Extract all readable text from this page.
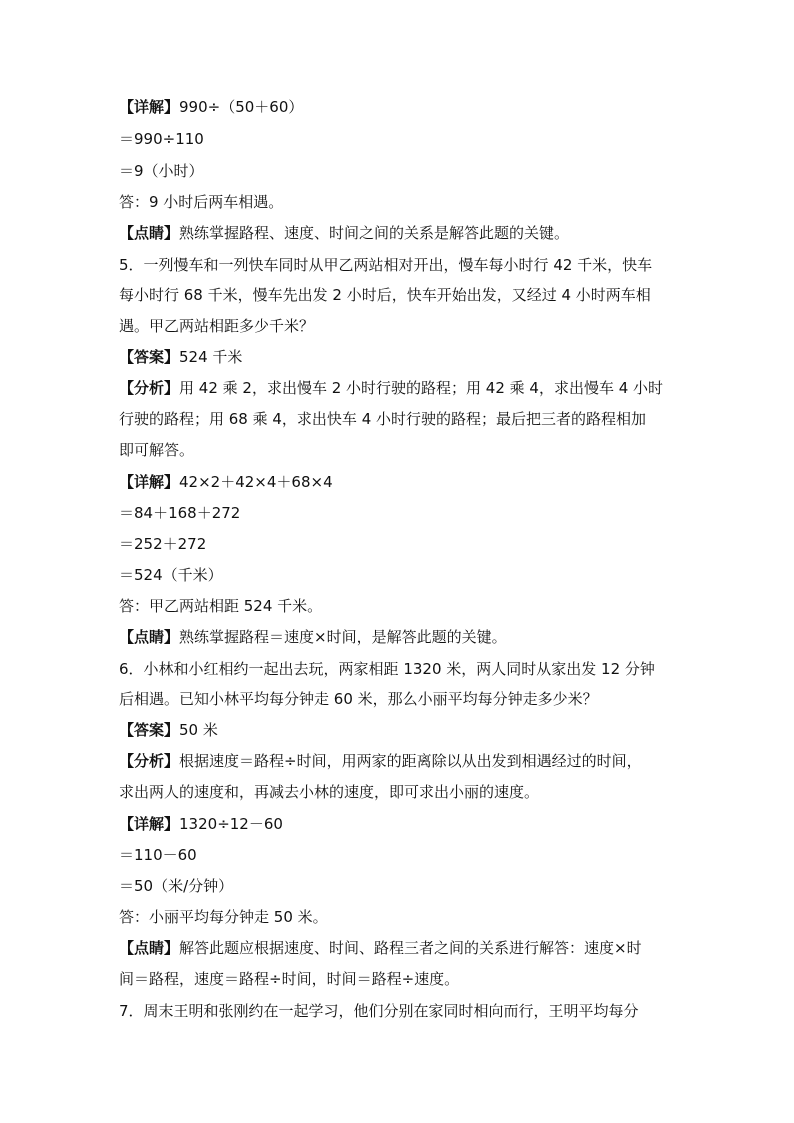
【详解】990÷（50＋60）
＝990÷110
＝9（小时）
答：9 小时后两车相遇。
【点睛】熟练掌握路程、速度、时间之间的关系是解答此题的关键。
5．一列慢车和一列快车同时从甲乙两站相对开出，慢车每小时行 42 千米，快车
每小时行 68 千米，慢车先出发 2 小时后，快车开始出发，又经过 4 小时两车相
遇。甲乙两站相距多少千米？
【答案】524 千米
【分析】用 42 乘 2，求出慢车 2 小时行驶的路程；用 42 乘 4，求出慢车 4 小时
行驶的路程；用 68 乘 4，求出快车 4 小时行驶的路程；最后把三者的路程相加
即可解答。
【详解】42×2＋42×4＋68×4
＝84＋168＋272
＝252＋272
＝524（千米）
答：甲乙两站相距 524 千米。
【点睛】熟练掌握路程＝速度×时间，是解答此题的关键。
6．小林和小红相约一起出去玩，两家相距 1320 米，两人同时从家出发 12 分钟
后相遇。已知小林平均每分钟走 60 米，那么小丽平均每分钟走多少米？
【答案】50 米
【分析】根据速度＝路程÷时间，用两家的距离除以从出发到相遇经过的时间，
求出两人的速度和，再减去小林的速度，即可求出小丽的速度。
【详解】1320÷12－60
＝110－60
＝50（米/分钟）
答：小丽平均每分钟走 50 米。
【点睛】解答此题应根据速度、时间、路程三者之间的关系进行解答：速度×时
间＝路程，速度＝路程÷时间，时间＝路程÷速度。
7．周末王明和张刚约在一起学习，他们分别在家同时相向而行，王明平均每分
